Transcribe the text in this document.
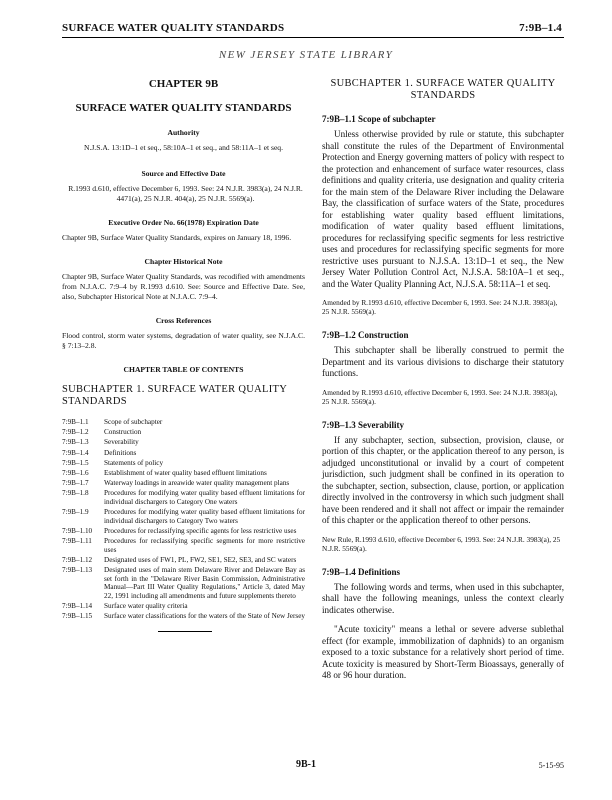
SURFACE WATER QUALITY STANDARDS	7:9B–1.4
NEW JERSEY STATE LIBRARY
CHAPTER 9B
SURFACE WATER QUALITY STANDARDS
Authority
N.J.S.A. 13:1D–1 et seq., 58:10A–1 et seq., and 58:11A–1 et seq.
Source and Effective Date
R.1993 d.610, effective December 6, 1993. See: 24 N.J.R. 3983(a), 24 N.J.R. 4471(a), 25 N.J.R. 404(a), 25 N.J.R. 5569(a).
Executive Order No. 66(1978) Expiration Date
Chapter 9B, Surface Water Quality Standards, expires on January 18, 1996.
Chapter Historical Note
Chapter 9B, Surface Water Quality Standards, was recodified with amendments from N.J.A.C. 7:9–4 by R.1993 d.610. See: Source and Effective Date. See, also, Subchapter Historical Note at N.J.A.C. 7:9–4.
Cross References
Flood control, storm water systems, degradation of water quality, see N.J.A.C. § 7:13–2.8.
CHAPTER TABLE OF CONTENTS
SUBCHAPTER 1. SURFACE WATER QUALITY STANDARDS
7:9B–1.1	Scope of subchapter
7:9B–1.2	Construction
7:9B–1.3	Severability
7:9B–1.4	Definitions
7:9B–1.5	Statements of policy
7:9B–1.6	Establishment of water quality based effluent limitations
7:9B–1.7	Waterway loadings in areawide water quality management plans
7:9B–1.8	Procedures for modifying water quality based effluent limitations for individual dischargers to Category One waters
7:9B–1.9	Procedures for modifying water quality based effluent limitations for individual dischargers to Category Two waters
7:9B–1.10	Procedures for reclassifying specific agents for less restrictive uses
7:9B–1.11	Procedures for reclassifying specific segments for more restrictive uses
7:9B–1.12	Designated uses of FW1, PL, FW2, SE1, SE2, SE3, and SC waters
7:9B–1.13	Designated uses of main stem Delaware River and Delaware Bay as set forth in the "Delaware River Basin Commission, Administrative Manual—Part III Water Quality Regulations," Article 3, dated May 22, 1991 including all amendments and future supplements thereto
7:9B–1.14	Surface water quality criteria
7:9B–1.15	Surface water classifications for the waters of the State of New Jersey
SUBCHAPTER 1. SURFACE WATER QUALITY STANDARDS
7:9B–1.1 Scope of subchapter
Unless otherwise provided by rule or statute, this subchapter shall constitute the rules of the Department of Environmental Protection and Energy governing matters of policy with respect to the protection and enhancement of surface water resources, class definitions and quality criteria, use designation and quality criteria for the main stem of the Delaware River including the Delaware Bay, the classification of surface waters of the State, procedures for establishing water quality based effluent limitations, modification of water quality based effluent limitations, procedures for reclassifying specific segments for less restrictive uses and procedures for reclassifying specific segments for more restrictive uses pursuant to N.J.S.A. 13:1D–1 et seq., the New Jersey Water Pollution Control Act, N.J.S.A. 58:10A–1 et seq., and the Water Quality Planning Act, N.J.S.A. 58:11A–1 et seq.
Amended by R.1993 d.610, effective December 6, 1993. See: 24 N.J.R. 3983(a), 25 N.J.R. 5569(a).
7:9B–1.2 Construction
This subchapter shall be liberally construed to permit the Department and its various divisions to discharge their statutory functions.
Amended by R.1993 d.610, effective December 6, 1993. See: 24 N.J.R. 3983(a), 25 N.J.R. 5569(a).
7:9B–1.3 Severability
If any subchapter, section, subsection, provision, clause, or portion of this chapter, or the application thereof to any person, is adjudged unconstitutional or invalid by a court of competent jurisdiction, such judgment shall be confined in its operation to the subchapter, section, subsection, clause, portion, or application directly involved in the controversy in which such judgment shall have been rendered and it shall not affect or impair the remainder of this chapter or the application thereof to other persons.
New Rule, R.1993 d.610, effective December 6, 1993. See: 24 N.J.R. 3983(a), 25 N.J.R. 5569(a).
7:9B–1.4 Definitions
The following words and terms, when used in this subchapter, shall have the following meanings, unless the context clearly indicates otherwise.
"Acute toxicity" means a lethal or severe adverse sublethal effect (for example, immobilization of daphnids) to an organism exposed to a toxic substance for a relatively short period of time. Acute toxicity is measured by Short-Term Bioassays, generally of 48 or 96 hour duration.
9B-1	5-15-95
